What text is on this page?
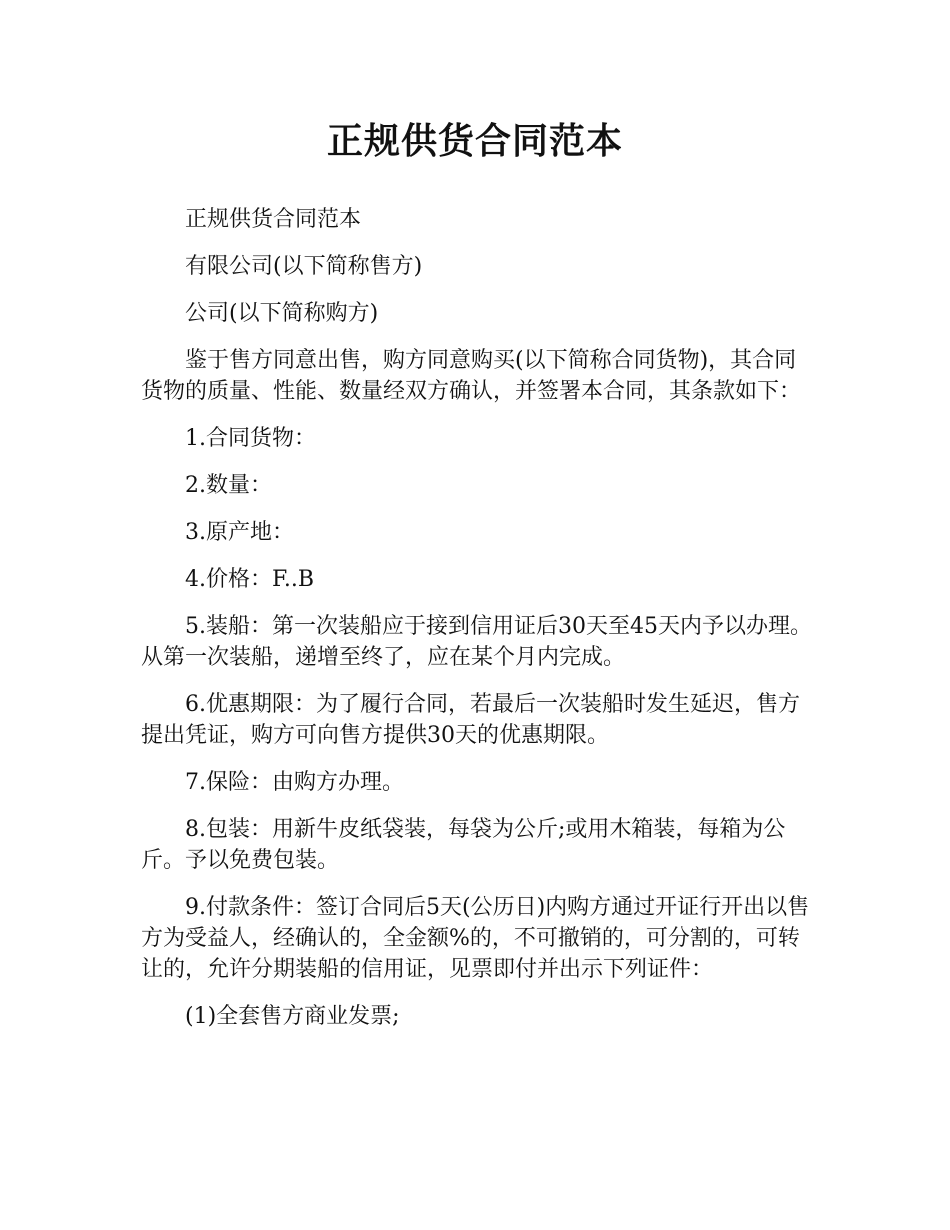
正规供货合同范本

正规供货合同范本

有限公司(以下简称售方)

公司(以下简称购方)

鉴于售方同意出售，购方同意购买(以下简称合同货物)，其合同货物的质量、性能、数量经双方确认，并签署本合同，其条款如下：

1.合同货物：

2.数量：

3.原产地：

4.价格：F..B

5.装船：第一次装船应于接到信用证后30天至45天内予以办理。从第一次装船，递增至终了，应在某个月内完成。

6.优惠期限：为了履行合同，若最后一次装船时发生延迟，售方提出凭证，购方可向售方提供30天的优惠期限。

7.保险：由购方办理。

8.包装：用新牛皮纸袋装，每袋为公斤;或用木箱装，每箱为公斤。予以免费包装。

9.付款条件：签订合同后5天(公历日)内购方通过开证行开出以售方为受益人，经确认的，全金额%的，不可撤销的，可分割的，可转让的，允许分期装船的信用证，见票即付并出示下列证件：

(1)全套售方商业发票;
